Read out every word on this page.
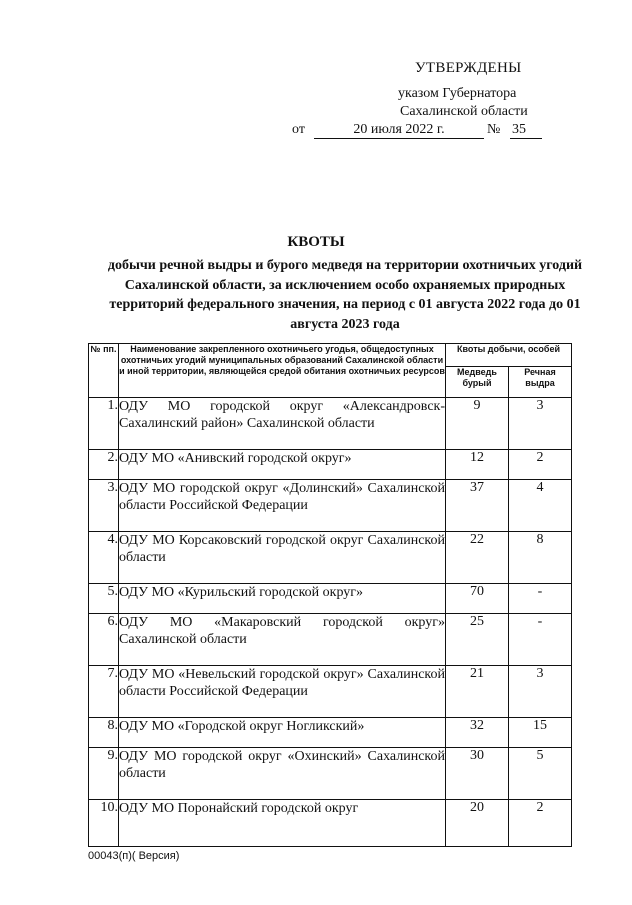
УТВЕРЖДЕНЫ
указом Губернатора
Сахалинской области
от	20 июля 2022 г.	№ 35
КВОТЫ
добычи речной выдры и бурого медведя на территории охотничьих угодий Сахалинской области, за исключением особо охраняемых природных территорий федерального значения, на период с 01 августа 2022 года до 01 августа 2023 года
№ пп.	Наименование закрепленного охотничьего угодья, общедоступных охотничьих угодий муниципальных образований Сахалинской области и иной территории, являющейся средой обитания охотничьих ресурсов	Квоты добычи, особей	
		Медведь бурый	Речная выдра
1.	ОДУ МО городской округ «Александровск-Сахалинский район» Сахалинской области	9	3
2.	ОДУ МО «Анивский городской округ»	12	2
3.	ОДУ МО городской округ «Долинский» Сахалинской области Российской Федерации	37	4
4.	ОДУ МО Корсаковский городской округ Сахалинской области	22	8
5.	ОДУ МО «Курильский городской округ»	70	-
6.	ОДУ МО «Макаровский городской округ» Сахалинской области	25	-
7.	ОДУ МО «Невельский городской округ» Сахалинской области Российской Федерации	21	3
8.	ОДУ МО «Городской округ Ногликский»	32	15
9.	ОДУ МО городской округ «Охинский» Сахалинской области	30	5
10.	ОДУ МО Поронайский городской округ	20	2
00043(п)( Версия)
